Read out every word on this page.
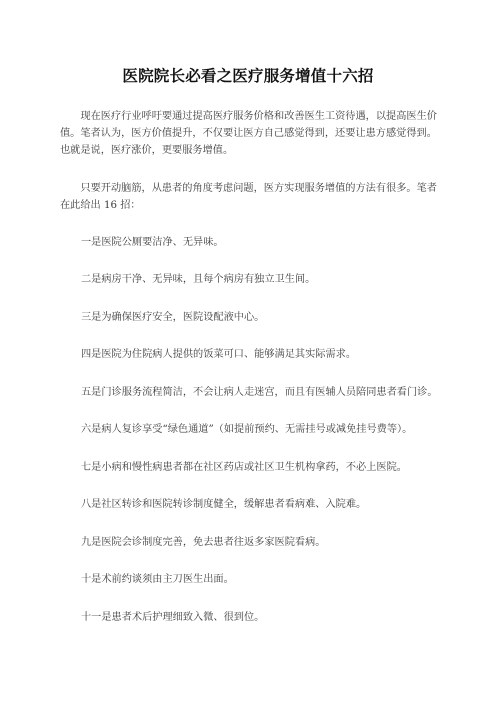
医院院长必看之医疗服务增值十六招

现在医疗行业呼吁要通过提高医疗服务价格和改善医生工资待遇，以提高医生价值。笔者认为，医方价值提升，不仅要让医方自己感觉得到，还要让患方感觉得到。也就是说，医疗涨价，更要服务增值。

只要开动脑筋，从患者的角度考虑问题，医方实现服务增值的方法有很多。笔者在此给出 16 招：

一是医院公厕要洁净、无异味。

二是病房干净、无异味，且每个病房有独立卫生间。

三是为确保医疗安全，医院设配液中心。

四是医院为住院病人提供的饭菜可口、能够满足其实际需求。

五是门诊服务流程简洁，不会让病人走迷宫，而且有医辅人员陪同患者看门诊。

六是病人复诊享受“绿色通道”（如提前预约、无需挂号或减免挂号费等）。

七是小病和慢性病患者都在社区药店或社区卫生机构拿药，不必上医院。

八是社区转诊和医院转诊制度健全，缓解患者看病难、入院难。

九是医院会诊制度完善，免去患者往返多家医院看病。

十是术前约谈须由主刀医生出面。

十一是患者术后护理细致入微、很到位。
